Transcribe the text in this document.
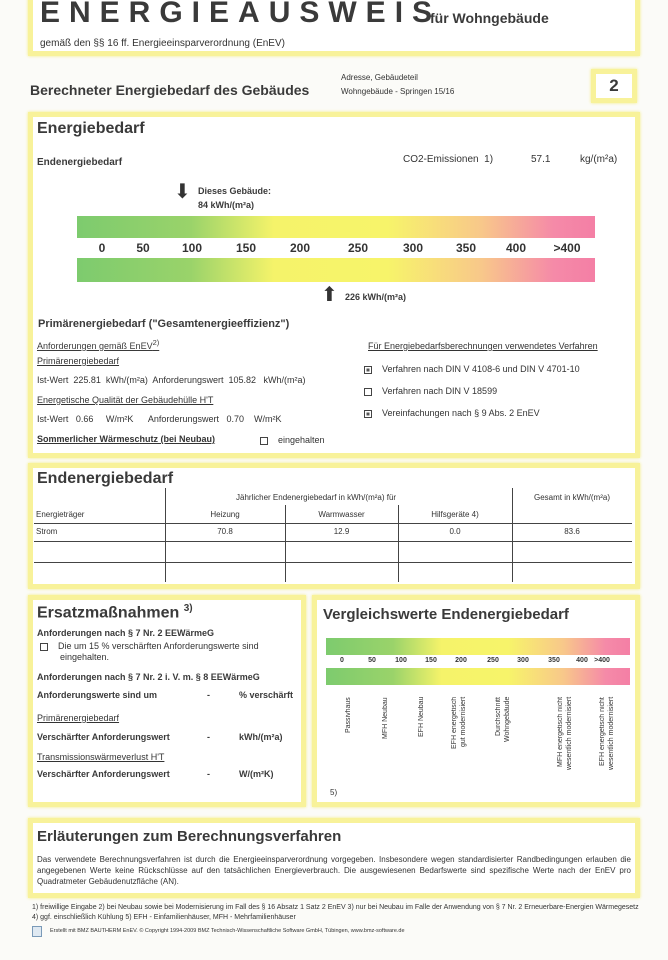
ENERGIEAUSWEIS
für Wohngebäude
gemäß den §§ 16 ff. Energieeinsparverordnung (EnEV)
Berechneter Energiebedarf des Gebäudes
Adresse, Gebäudeteil
Wohngebäude - Springen 15/16	2
Energiebedarf
Endenergiebedarf	CO2-Emissionen 1)	57.1	kg/(m²a)
⬇ Dieses Gebäude:
84 kWh/(m²a)
0	50	100	150	200	250	300	350 400 >400
⬆ 226 kWh/(m²a)
Primärenergiebedarf ("Gesamtenergieeffizienz")
Anforderungen gemäß EnEV$^{2)}$
Primärenergiebedarf
Ist-Wert 225.81 kWh/(m²a) Anforderungswert 105.82 kWh/(m²a)
Energetische Qualität der Gebäudehülle H'T
Ist-Wert 0.66 W/m²K Anforderungswert 0.70 W/m²K
Sommerlicher Wärmeschutz (bei Neubau)	eingehalten
Für Energiebedarfsberechnungen verwendetes Verfahren
Verfahren nach DIN V 4108-6 und DIN V 4701-10
Verfahren nach DIN V 18599
Vereinfachungen nach § 9 Abs. 2 EnEV
Endenergiebedarf
Jährlicher Endenergiebedarf in kWh/(m²a) für
Energieträger	Heizung	Warmwasser	Hilfsgeräte 4)
Gesamt in kWh/(m²a)
Strom	70.8	12.9	0.0	83.6
Ersatzmaßnahmen $^{3)}$
Anforderungen nach § 7 Nr. 2 EEWärmeG
Die um 15 % verschärften Anforderungswerte sind eingehalten.
Anforderungen nach § 7 Nr. 2 i. V. m. § 8 EEWärmeG
Anforderungswerte sind um	-	% verschärft
Primärenergiebedarf
Verschärfter Anforderungswert	-	kWh/(m²a)
Transmissionswärmeverlust H'T
Verschärfter Anforderungswert	-	W/(m²K)
Vergleichswerte Endenergiebedarf
0	50	100	150	200	250	300	350 400 >400
Passivhaus	MFH Neubau	EFH Neubau	EFH energetisch gut modernisiert	Durchschnitt Wohngebäude	MFH energetisch nicht wesentlich modernisiert	EFH energetisch nicht wesentlich modernisiert
5)
Erläuterungen zum Berechnungsverfahren
Das verwendete Berechnungsverfahren ist durch die Energieeinsparverordnung vorgegeben. Insbesondere wegen standardisierter Randbedingungen erlauben die angegebenen Werte keine Rückschlüsse auf den tatsächlichen Energieverbrauch. Die ausgewiesenen Bedarfswerte sind spezifische Werte nach der EnEV pro Quadratmeter Gebäudenutzfläche (AN).
1) freiwillige Eingabe 2) bei Neubau sowie bei Modernisierung im Fall des § 16 Absatz 1 Satz 2 EnEV 3) nur bei Neubau im Falle der Anwendung von § 7 Nr. 2 Erneuerbare-Energien Wärmegesetz 4) ggf. einschließlich Kühlung 5) EFH - Einfamilienhäuser, MFH - Mehrfamilienhäuser
Erstellt mit BMZ BAUTHERM EnEV. © Copyright 1994-2009 BMZ Technisch-Wissenschaftliche Software GmbH, Tübingen, www.bmz-software.de
